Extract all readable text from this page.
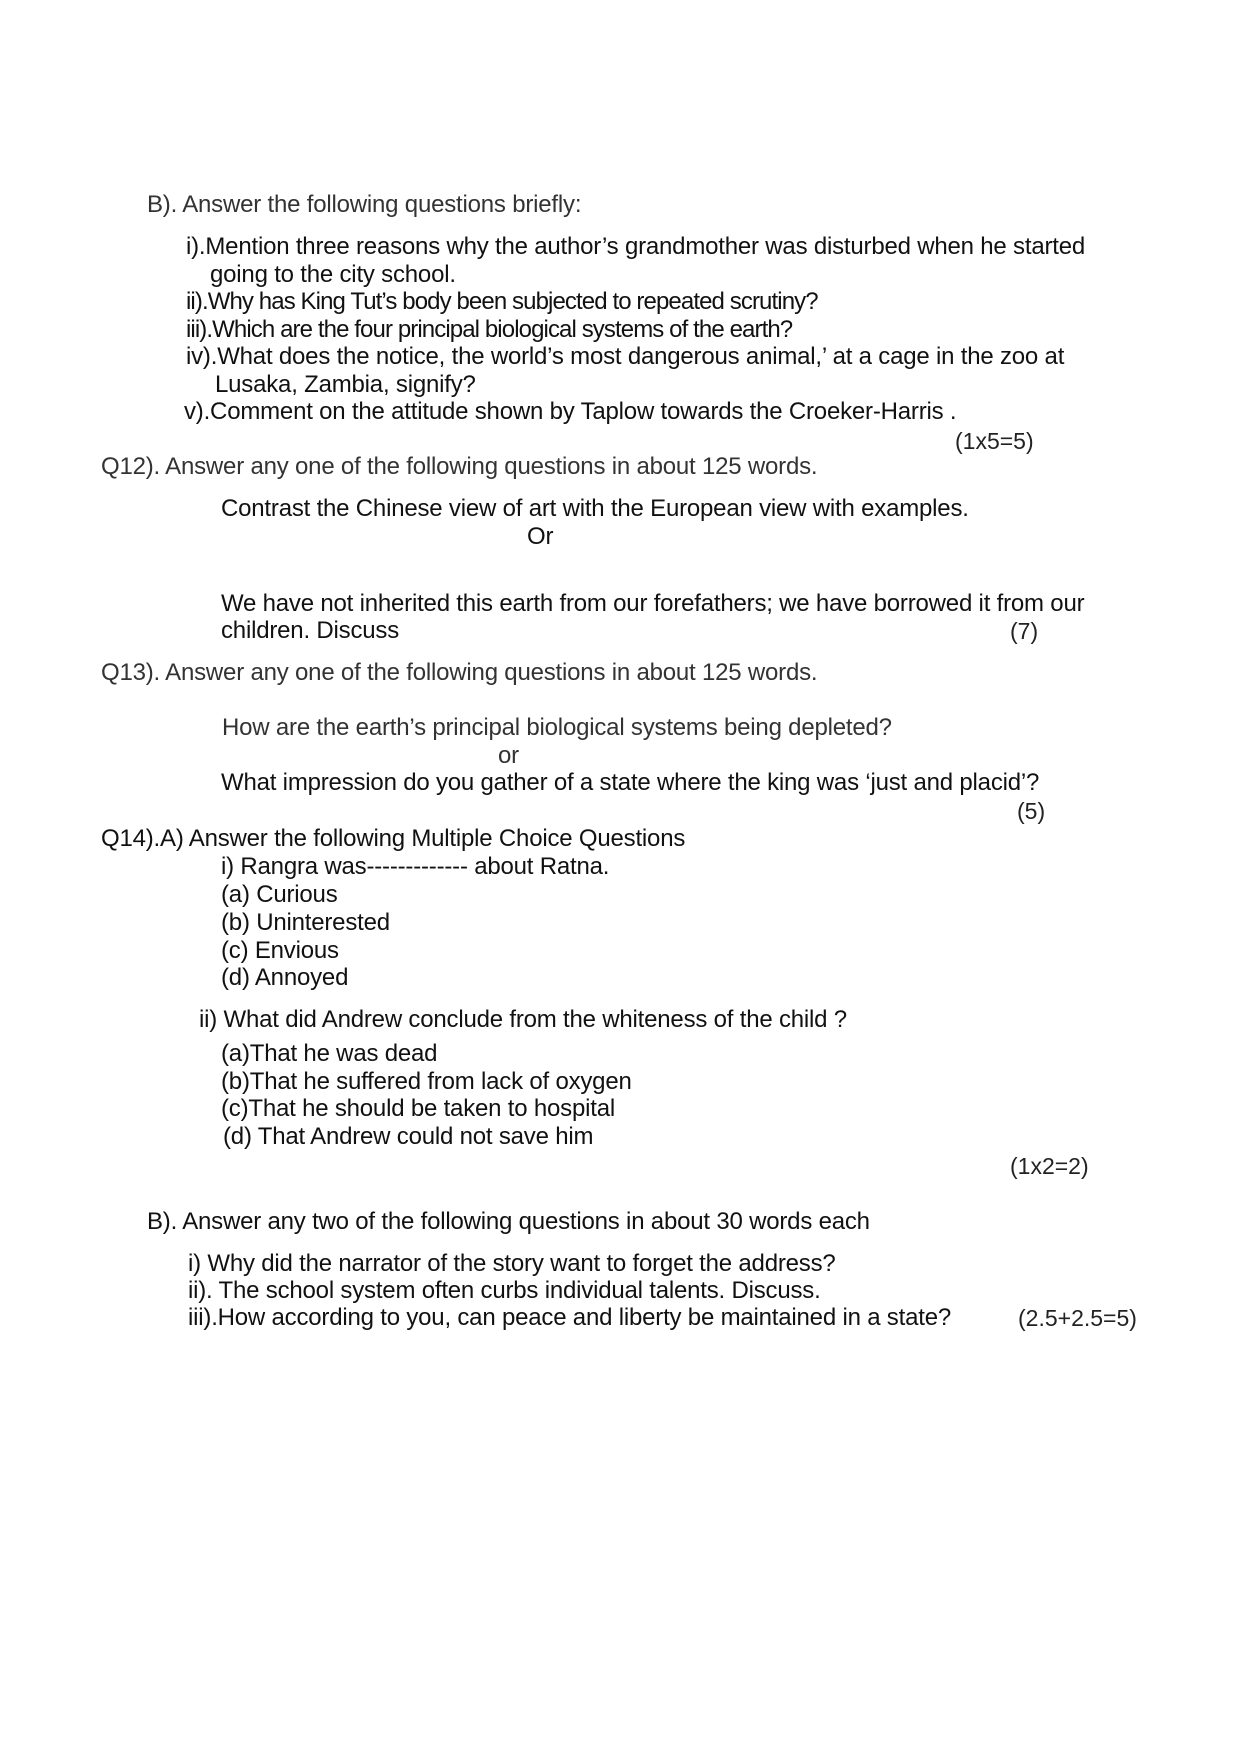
B). Answer the following questions briefly:
i).Mention three reasons why the author’s grandmother was disturbed when he started
going to the city school.
ii).Why has King Tut’s body been subjected to repeated scrutiny?
iii).Which are the four principal biological systems of the earth?
iv).What does the notice, the world’s most dangerous animal,’ at a cage in the zoo at
Lusaka, Zambia, signify?
v).Comment on the attitude shown by Taplow towards the Croeker-Harris .
(1x5=5)
Q12). Answer any one of the following questions in about 125 words.
Contrast the Chinese view of art with the European view with examples.
Or
We have not inherited this earth from our forefathers; we have borrowed it from our
children. Discuss	(7)
Q13). Answer any one of the following questions in about 125 words.
How are the earth’s principal biological systems being depleted?
or
What impression do you gather of a state where the king was ‘just and placid’?
(5)
Q14).A) Answer the following Multiple Choice Questions
i) Rangra was------------- about Ratna.
(a) Curious
(b) Uninterested
(c) Envious
(d) Annoyed
ii) What did Andrew conclude from the whiteness of the child ?
(a)That he was dead
(b)That he suffered from lack of oxygen
(c)That he should be taken to hospital
(d) That Andrew could not save him
(1x2=2)
B). Answer any two of the following questions in about 30 words each
i) Why did the narrator of the story want to forget the address?
ii). The school system often curbs individual talents. Discuss.
iii).How according to you, can peace and liberty be maintained in a state?	(2.5+2.5=5)
